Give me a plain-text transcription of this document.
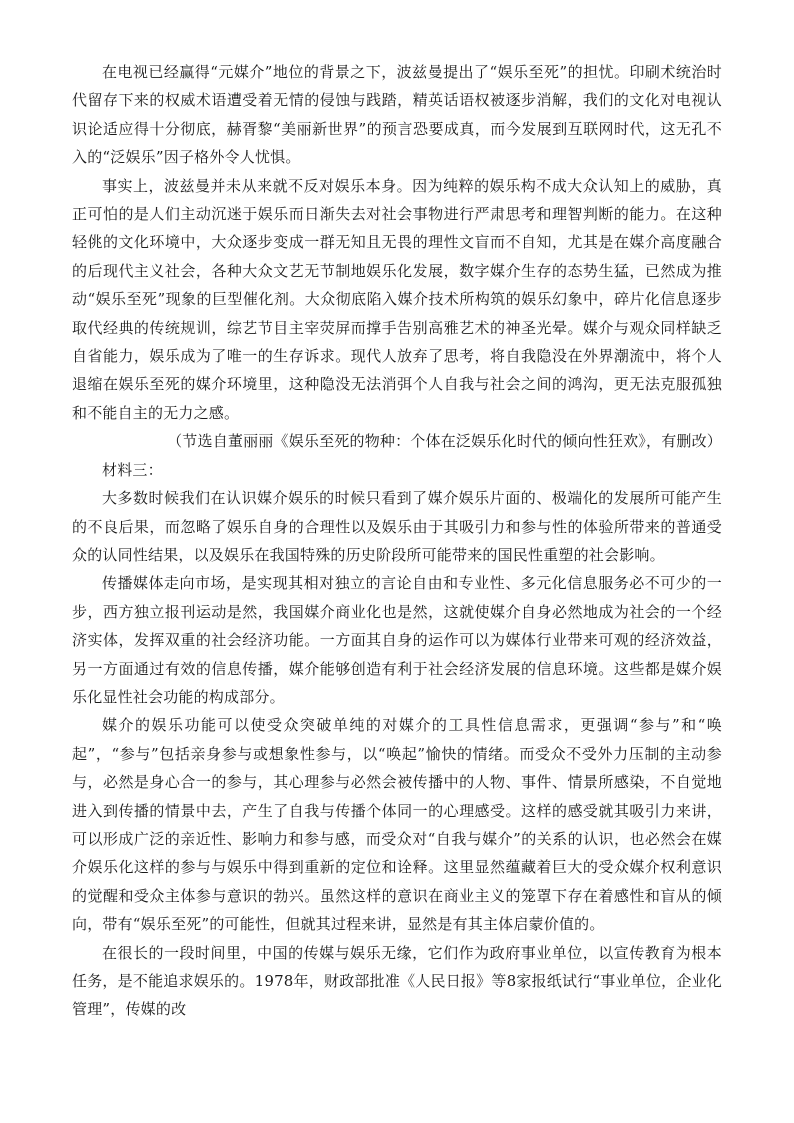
在电视已经赢得“元媒介”地位的背景之下，波兹曼提出了“娱乐至死”的担忧。印刷术统治时代留存下来的权威术语遭受着无情的侵蚀与践踏，精英话语权被逐步消解，我们的文化对电视认识论适应得十分彻底，赫胥黎“美丽新世界”的预言恐要成真，而今发展到互联网时代，这无孔不入的“泛娱乐”因子格外令人忧惧。

事实上，波兹曼并未从来就不反对娱乐本身。因为纯粹的娱乐构不成大众认知上的威胁，真正可怕的是人们主动沉迷于娱乐而日渐失去对社会事物进行严肃思考和理智判断的能力。在这种轻佻的文化环境中，大众逐步变成一群无知且无畏的理性文盲而不自知，尤其是在媒介高度融合的后现代主义社会，各种大众文艺无节制地娱乐化发展，数字媒介生存的态势生猛，已然成为推动“娱乐至死”现象的巨型催化剂。大众彻底陷入媒介技术所构筑的娱乐幻象中，碎片化信息逐步取代经典的传统规训，综艺节目主宰荧屏而撑手告别高雅艺术的神圣光晕。媒介与观众同样缺乏自省能力，娱乐成为了唯一的生存诉求。现代人放弃了思考，将自我隐没在外界潮流中，将个人退缩在娱乐至死的媒介环境里，这种隐没无法消弭个人自我与社会之间的鸿沟，更无法克服孤独和不能自主的无力之感。

（节选自董丽丽《娱乐至死的物种：个体在泛娱乐化时代的倾向性狂欢》，有删改）

材料三：

大多数时候我们在认识媒介娱乐的时候只看到了媒介娱乐片面的、极端化的发展所可能产生的不良后果，而忽略了娱乐自身的合理性以及娱乐由于其吸引力和参与性的体验所带来的普通受众的认同性结果，以及娱乐在我国特殊的历史阶段所可能带来的国民性重塑的社会影响。

传播媒体走向市场，是实现其相对独立的言论自由和专业性、多元化信息服务必不可少的一步，西方独立报刊运动是然，我国媒介商业化也是然，这就使媒介自身必然地成为社会的一个经济实体，发挥双重的社会经济功能。一方面其自身的运作可以为媒体行业带来可观的经济效益，另一方面通过有效的信息传播，媒介能够创造有利于社会经济发展的信息环境。这些都是媒介娱乐化显性社会功能的构成部分。

媒介的娱乐功能可以使受众突破单纯的对媒介的工具性信息需求，更强调“参与”和“唤起”，“参与”包括亲身参与或想象性参与，以“唤起”愉快的情绪。而受众不受外力压制的主动参与，必然是身心合一的参与，其心理参与必然会被传播中的人物、事件、情景所感染，不自觉地进入到传播的情景中去，产生了自我与传播个体同一的心理感受。这样的感受就其吸引力来讲，可以形成广泛的亲近性、影响力和参与感，而受众对“自我与媒介”的关系的认识，也必然会在媒介娱乐化这样的参与与娱乐中得到重新的定位和诠释。这里显然蕴藏着巨大的受众媒介权利意识的觉醒和受众主体参与意识的勃兴。虽然这样的意识在商业主义的笼罩下存在着感性和盲从的倾向，带有“娱乐至死”的可能性，但就其过程来讲，显然是有其主体启蒙价值的。

在很长的一段时间里，中国的传媒与娱乐无缘，它们作为政府事业单位，以宣传教育为根本任务，是不能追求娱乐的。1978年，财政部批准《人民日报》等8家报纸试行“事业单位，企业化管理”，传媒的改
